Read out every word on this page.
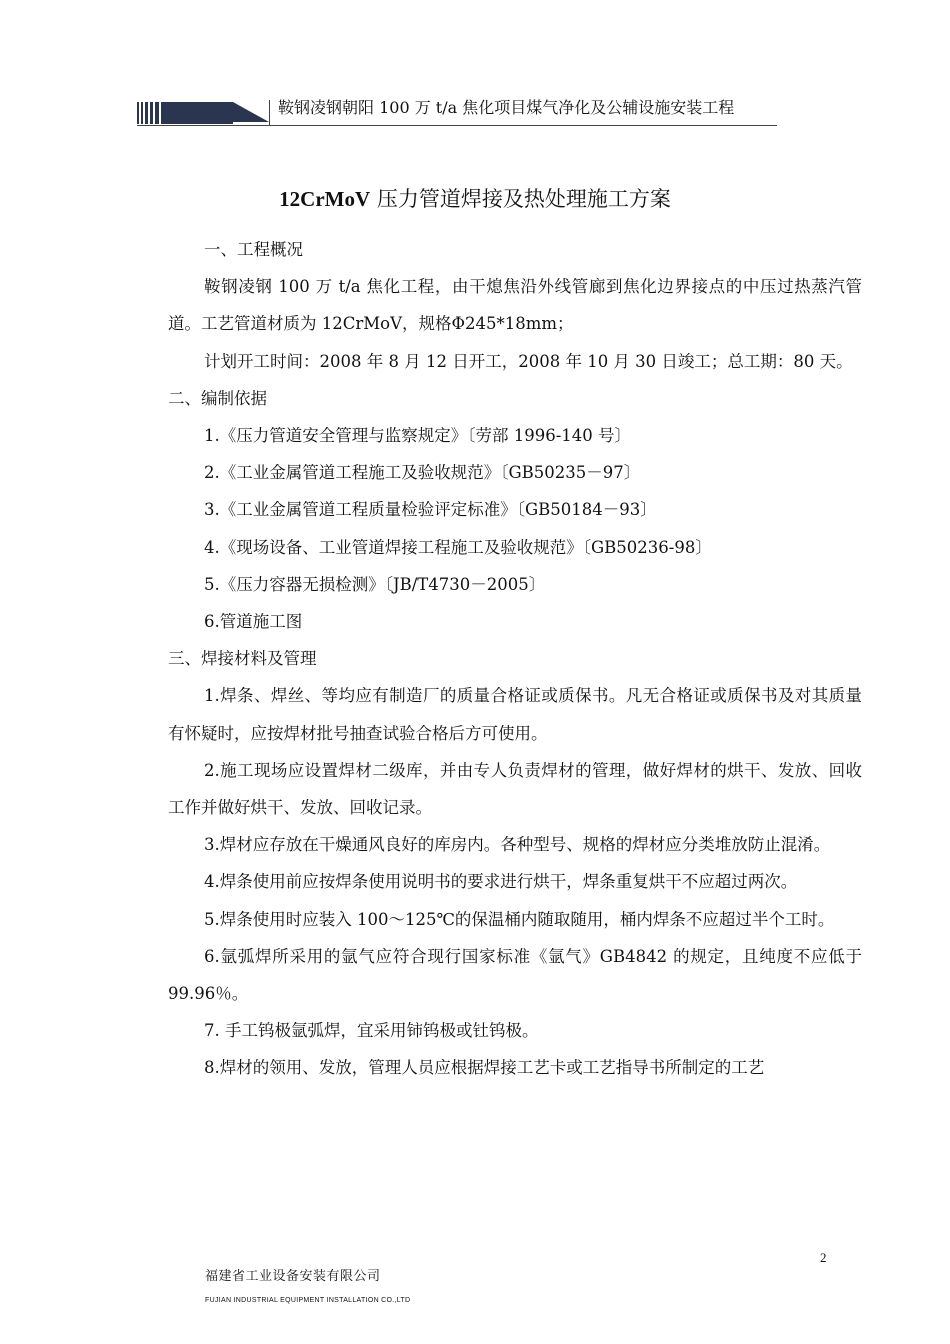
鞍钢凌钢朝阳 100 万 t/a 焦化项目煤气净化及公辅设施安装工程
12CrMoV 压力管道焊接及热处理施工方案

一、工程概况

鞍钢凌钢 100 万 t/a 焦化工程，由干熄焦沿外线管廊到焦化边界接点的中压过热蒸汽管道。工艺管道材质为 12CrMoV，规格Φ245*18mm；

计划开工时间：2008 年 8 月 12 日开工，2008 年 10 月 30 日竣工；总工期：80 天。

二、编制依据

1.《压力管道安全管理与监察规定》〔劳部 1996-140 号〕

2.《工业金属管道工程施工及验收规范》〔GB50235－97〕

3.《工业金属管道工程质量检验评定标准》〔GB50184－93〕

4.《现场设备、工业管道焊接工程施工及验收规范》〔GB50236-98〕

5.《压力容器无损检测》〔JB/T4730－2005〕

6.管道施工图

三、焊接材料及管理

1.焊条、焊丝、等均应有制造厂的质量合格证或质保书。凡无合格证或质保书及对其质量有怀疑时，应按焊材批号抽查试验合格后方可使用。

2.施工现场应设置焊材二级库，并由专人负责焊材的管理，做好焊材的烘干、发放、回收工作并做好烘干、发放、回收记录。

3.焊材应存放在干燥通风良好的库房内。各种型号、规格的焊材应分类堆放防止混淆。

4.焊条使用前应按焊条使用说明书的要求进行烘干，焊条重复烘干不应超过两次。

5.焊条使用时应装入 100～125℃的保温桶内随取随用，桶内焊条不应超过半个工时。

6.氩弧焊所采用的氩气应符合现行国家标准《氩气》GB4842 的规定，且纯度不应低于 99.96％。

7. 手工钨极氩弧焊，宜采用铈钨极或钍钨极。

8.焊材的领用、发放，管理人员应根据焊接工艺卡或工艺指导书所制定的工艺

2
福建省工业设备安装有限公司
FUJIAN INDUSTRIAL EQUIPMENT INSTALLATION CO.,LTD
